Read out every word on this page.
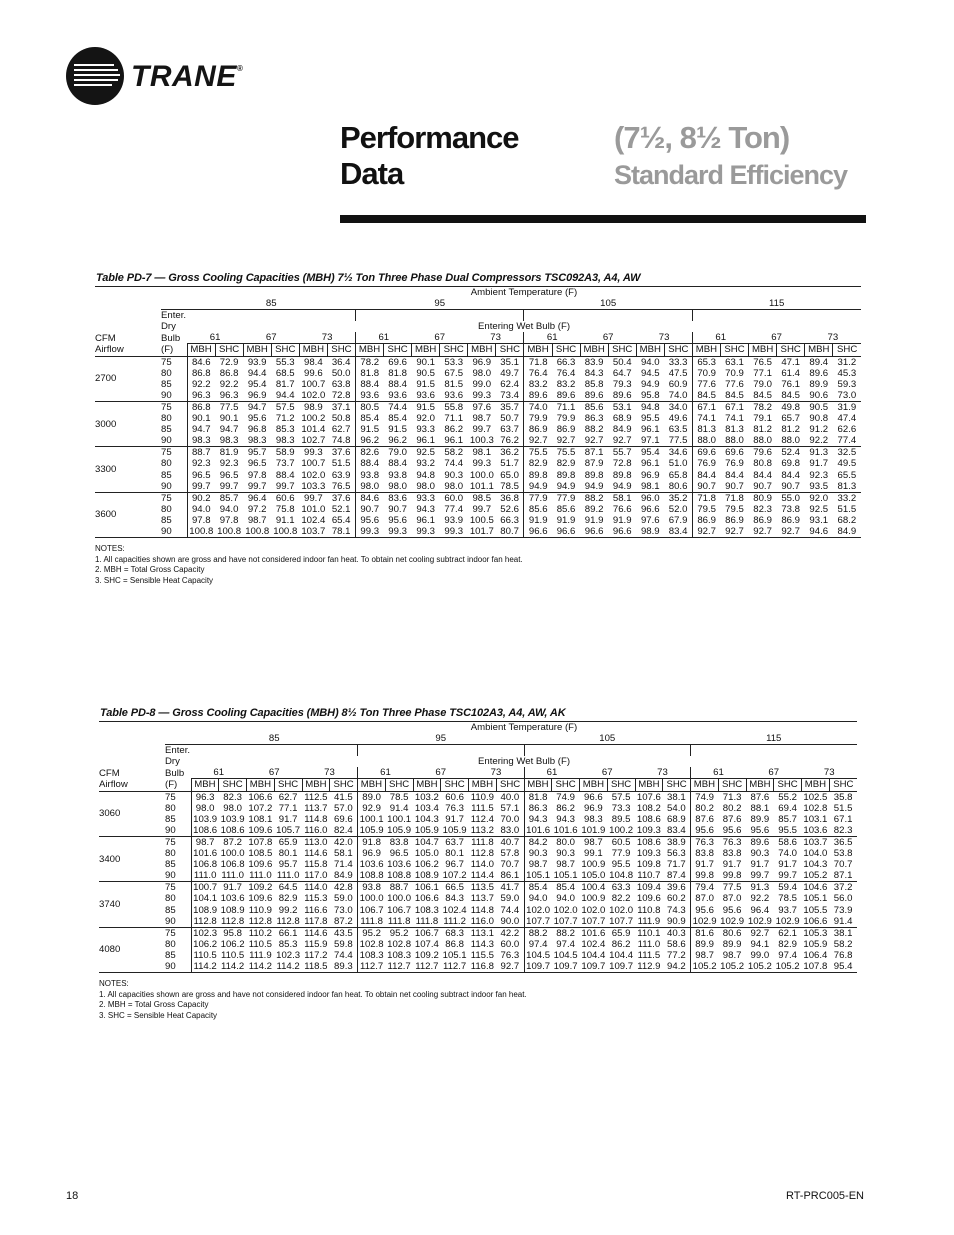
TRANE®
Performance
Data
(7½, 8½ Ton)
Standard Efficiency
Table PD-7 — Gross Cooling Capacities (MBH) 7½ Ton Three Phase Dual Compressors TSC092A3, A4, AW
		Ambient Temperature (F)																							
		85						95						105						115					
	Enter.																								
	Dry	Entering Wet Bulb (F)																							
CFM	Bulb	61		67		73		61		67		73		61		67		73		61		67		73	
Airflow	(F)	MBH	SHC	MBH	SHC	MBH	SHC	MBH	SHC	MBH	SHC	MBH	SHC	MBH	SHC	MBH	SHC	MBH	SHC	MBH	SHC	MBH	SHC	MBH	SHC
2700	75	84.6	72.9	93.9	55.3	98.4	36.4	78.2	69.6	90.1	53.3	96.9	35.1	71.8	66.3	83.9	50.4	94.0	33.3	65.3	63.1	76.5	47.1	89.4	31.2
	80	86.8	86.8	94.4	68.5	99.6	50.0	81.8	81.8	90.5	67.5	98.0	49.7	76.4	76.4	84.3	64.7	94.5	47.5	70.9	70.9	77.1	61.4	89.6	45.3
	85	92.2	92.2	95.4	81.7	100.7	63.8	88.4	88.4	91.5	81.5	99.0	62.4	83.2	83.2	85.8	79.3	94.9	60.9	77.6	77.6	79.0	76.1	89.9	59.3
	90	96.3	96.3	96.9	94.4	102.0	72.8	93.6	93.6	93.6	93.6	99.3	73.4	89.6	89.6	89.6	89.6	95.8	74.0	84.5	84.5	84.5	84.5	90.6	73.0
3000	75	86.8	77.5	94.7	57.5	98.9	37.1	80.5	74.4	91.5	55.8	97.6	35.7	74.0	71.1	85.6	53.1	94.8	34.0	67.1	67.1	78.2	49.8	90.5	31.9
	80	90.1	90.1	95.6	71.2	100.2	50.8	85.4	85.4	92.0	71.1	98.7	50.7	79.9	79.9	86.3	68.9	95.5	49.6	74.1	74.1	79.1	65.7	90.8	47.4
	85	94.7	94.7	96.8	85.3	101.4	62.7	91.5	91.5	93.3	86.2	99.7	63.7	86.9	86.9	88.2	84.9	96.1	63.5	81.3	81.3	81.2	81.2	91.2	62.6
	90	98.3	98.3	98.3	98.3	102.7	74.8	96.2	96.2	96.1	96.1	100.3	76.2	92.7	92.7	92.7	92.7	97.1	77.5	88.0	88.0	88.0	88.0	92.2	77.4
3300	75	88.7	81.9	95.7	58.9	99.3	37.6	82.6	79.0	92.5	58.2	98.1	36.2	75.5	75.5	87.1	55.7	95.4	34.6	69.6	69.6	79.6	52.4	91.3	32.5
	80	92.3	92.3	96.5	73.7	100.7	51.5	88.4	88.4	93.2	74.4	99.3	51.7	82.9	82.9	87.9	72.8	96.1	51.0	76.9	76.9	80.8	69.8	91.7	49.5
	85	96.5	96.5	97.8	88.4	102.0	63.9	93.8	93.8	94.8	90.3	100.0	65.0	89.8	89.8	89.8	89.8	96.9	65.8	84.4	84.4	84.4	84.4	92.3	65.5
	90	99.7	99.7	99.7	99.7	103.3	76.5	98.0	98.0	98.0	98.0	101.1	78.5	94.9	94.9	94.9	94.9	98.1	80.6	90.7	90.7	90.7	90.7	93.5	81.3
3600	75	90.2	85.7	96.4	60.6	99.7	37.6	84.6	83.6	93.3	60.0	98.5	36.8	77.9	77.9	88.2	58.1	96.0	35.2	71.8	71.8	80.9	55.0	92.0	33.2
	80	94.0	94.0	97.2	75.8	101.0	52.1	90.7	90.7	94.3	77.4	99.7	52.6	85.6	85.6	89.2	76.6	96.6	52.0	79.5	79.5	82.3	73.8	92.5	51.5
	85	97.8	97.8	98.7	91.1	102.4	65.4	95.6	95.6	96.1	93.9	100.5	66.3	91.9	91.9	91.9	91.9	97.6	67.9	86.9	86.9	86.9	86.9	93.1	68.2
	90	100.8	100.8	100.8	100.8	103.7	78.1	99.3	99.3	99.3	99.3	101.7	80.7	96.6	96.6	96.6	96.6	98.9	83.4	92.7	92.7	92.7	92.7	94.6	84.9
NOTES:
1. All capacities shown are gross and have not considered indoor fan heat. To obtain net cooling subtract indoor fan heat.
2. MBH = Total Gross Capacity
3. SHC = Sensible Heat Capacity
Table PD-8 — Gross Cooling Capacities (MBH) 8½ Ton Three Phase TSC102A3, A4, AW, AK
		Ambient Temperature (F)																							
		85						95						105						115					
	Enter.																								
	Dry	Entering Wet Bulb (F)																							
CFM	Bulb	61		67		73		61		67		73		61		67		73		61		67		73	
Airflow	(F)	MBH	SHC	MBH	SHC	MBH	SHC	MBH	SHC	MBH	SHC	MBH	SHC	MBH	SHC	MBH	SHC	MBH	SHC	MBH	SHC	MBH	SHC	MBH	SHC
3060	75	96.3	82.3	106.6	62.7	112.5	41.5	89.0	78.5	103.2	60.6	110.9	40.0	81.8	74.9	96.6	57.5	107.6	38.1	74.9	71.3	87.6	55.2	102.5	35.8
	80	98.0	98.0	107.2	77.1	113.7	57.0	92.9	91.4	103.4	76.3	111.5	57.1	86.3	86.2	96.9	73.3	108.2	54.0	80.2	80.2	88.1	69.4	102.8	51.5
	85	103.9	103.9	108.1	91.7	114.8	69.6	100.1	100.1	104.3	91.7	112.4	70.0	94.3	94.3	98.3	89.5	108.6	68.9	87.6	87.6	89.9	85.7	103.1	67.1
	90	108.6	108.6	109.6	105.7	116.0	82.4	105.9	105.9	105.9	105.9	113.2	83.0	101.6	101.6	101.9	100.2	109.3	83.4	95.6	95.6	95.6	95.5	103.6	82.3
3400	75	98.7	87.2	107.8	65.9	113.0	42.0	91.8	83.8	104.7	63.7	111.8	40.7	84.2	80.0	98.7	60.5	108.6	38.9	76.3	76.3	89.6	58.6	103.7	36.5
	80	101.6	100.0	108.5	80.1	114.6	58.1	96.9	96.5	105.0	80.1	112.8	57.8	90.3	90.3	99.1	77.9	109.3	56.3	83.8	83.8	90.3	74.0	104.0	53.8
	85	106.8	106.8	109.6	95.7	115.8	71.4	103.6	103.6	106.2	96.7	114.0	70.7	98.7	98.7	100.9	95.5	109.8	71.7	91.7	91.7	91.7	91.7	104.3	70.7
	90	111.0	111.0	111.0	111.0	117.0	84.9	108.8	108.8	108.9	107.2	114.4	86.1	105.1	105.1	105.0	104.8	110.7	87.4	99.8	99.8	99.7	99.7	105.2	87.1
3740	75	100.7	91.7	109.2	64.5	114.0	42.8	93.8	88.7	106.1	66.5	113.5	41.7	85.4	85.4	100.4	63.3	109.4	39.6	79.4	77.5	91.3	59.4	104.6	37.2
	80	104.1	103.6	109.6	82.9	115.3	59.0	100.0	100.0	106.6	84.3	113.7	59.0	94.0	94.0	100.9	82.2	109.6	60.2	87.0	87.0	92.2	78.5	105.1	56.0
	85	108.9	108.9	110.9	99.2	116.6	73.0	106.7	106.7	108.3	102.4	114.8	74.4	102.0	102.0	102.0	102.0	110.8	74.3	95.6	95.6	96.4	93.7	105.5	73.9
	90	112.8	112.8	112.8	112.8	117.8	87.2	111.8	111.8	111.8	111.2	116.0	90.0	107.7	107.7	107.7	107.7	111.9	90.9	102.9	102.9	102.9	102.9	106.6	91.4
4080	75	102.3	95.8	110.2	66.1	114.6	43.5	95.2	95.2	106.7	68.3	113.1	42.2	88.2	88.2	101.6	65.9	110.1	40.3	81.6	80.6	92.7	62.1	105.3	38.1
	80	106.2	106.2	110.5	85.3	115.9	59.8	102.8	102.8	107.4	86.8	114.3	60.0	97.4	97.4	102.4	86.2	111.0	58.6	89.9	89.9	94.1	82.9	105.9	58.2
	85	110.5	110.5	111.9	102.3	117.2	74.4	108.3	108.3	109.2	105.1	115.5	76.3	104.5	104.5	104.4	104.4	111.5	77.2	98.7	98.7	99.0	97.4	106.4	76.8
	90	114.2	114.2	114.2	114.2	118.5	89.3	112.7	112.7	112.7	112.7	116.8	92.7	109.7	109.7	109.7	109.7	112.9	94.2	105.2	105.2	105.2	105.2	107.8	95.4
NOTES:
1. All capacities shown are gross and have not considered indoor fan heat. To obtain net cooling subtract indoor fan heat.
2. MBH = Total Gross Capacity
3. SHC = Sensible Heat Capacity
18	RT-PRC005-EN
